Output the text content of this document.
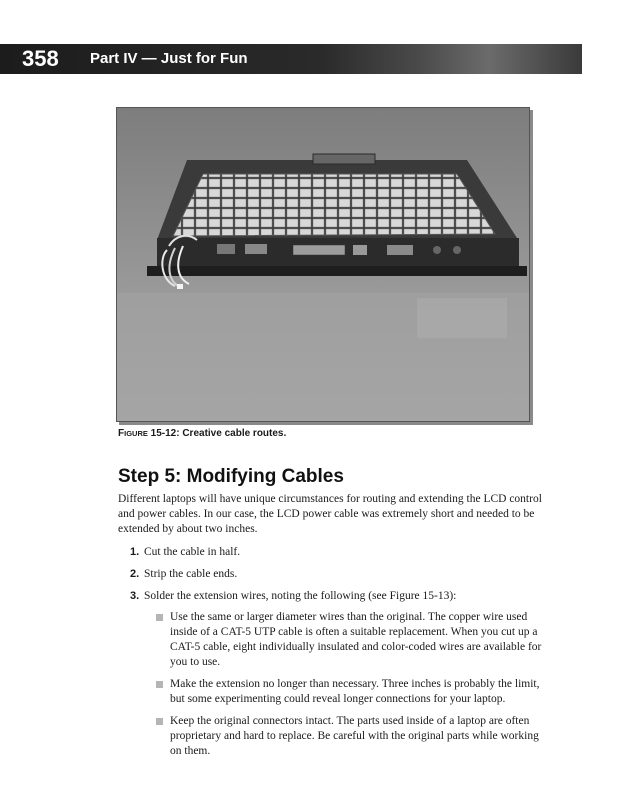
358 Part IV — Just for Fun
FIGURE 15-12: Creative cable routes.
Step 5: Modifying Cables
Different laptops will have unique circumstances for routing and extending the LCD control and power cables. In our case, the LCD power cable was extremely short and needed to be extended by about two inches.
1. Cut the cable in half.
2. Strip the cable ends.
3. Solder the extension wires, noting the following (see Figure 15-13):
Use the same or larger diameter wires than the original. The copper wire used inside of a CAT-5 UTP cable is often a suitable replacement. When you cut up a CAT-5 cable, eight individually insulated and color-coded wires are available for you to use.
Make the extension no longer than necessary. Three inches is probably the limit, but some experimenting could reveal longer connections for your laptop.
Keep the original connectors intact. The parts used inside of a laptop are often proprietary and hard to replace. Be careful with the original parts while working on them.
